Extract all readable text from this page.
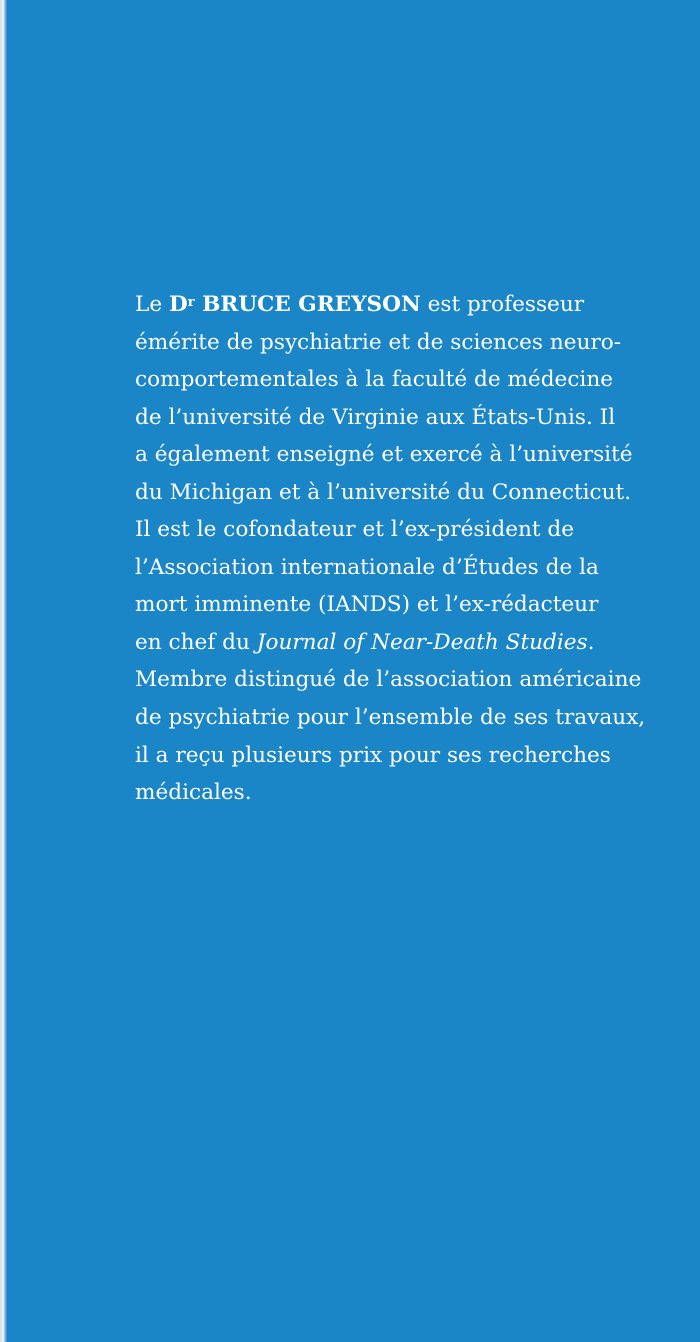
Le $D^r$ BRUCE GREYSON est professeur
émérite de psychiatrie et de sciences neuro-
comportementales à la faculté de médecine
de l’université de Virginie aux États-Unis. Il
a également enseigné et exercé à l’université
du Michigan et à l’université du Connecticut.
Il est le cofondateur et l’ex-président de
l’Association internationale d’Études de la
mort imminente (IANDS) et l’ex-rédacteur
en chef du Journal of Near-Death Studies.
Membre distingué de l’association américaine
de psychiatrie pour l’ensemble de ses travaux,
il a reçu plusieurs prix pour ses recherches
médicales.
